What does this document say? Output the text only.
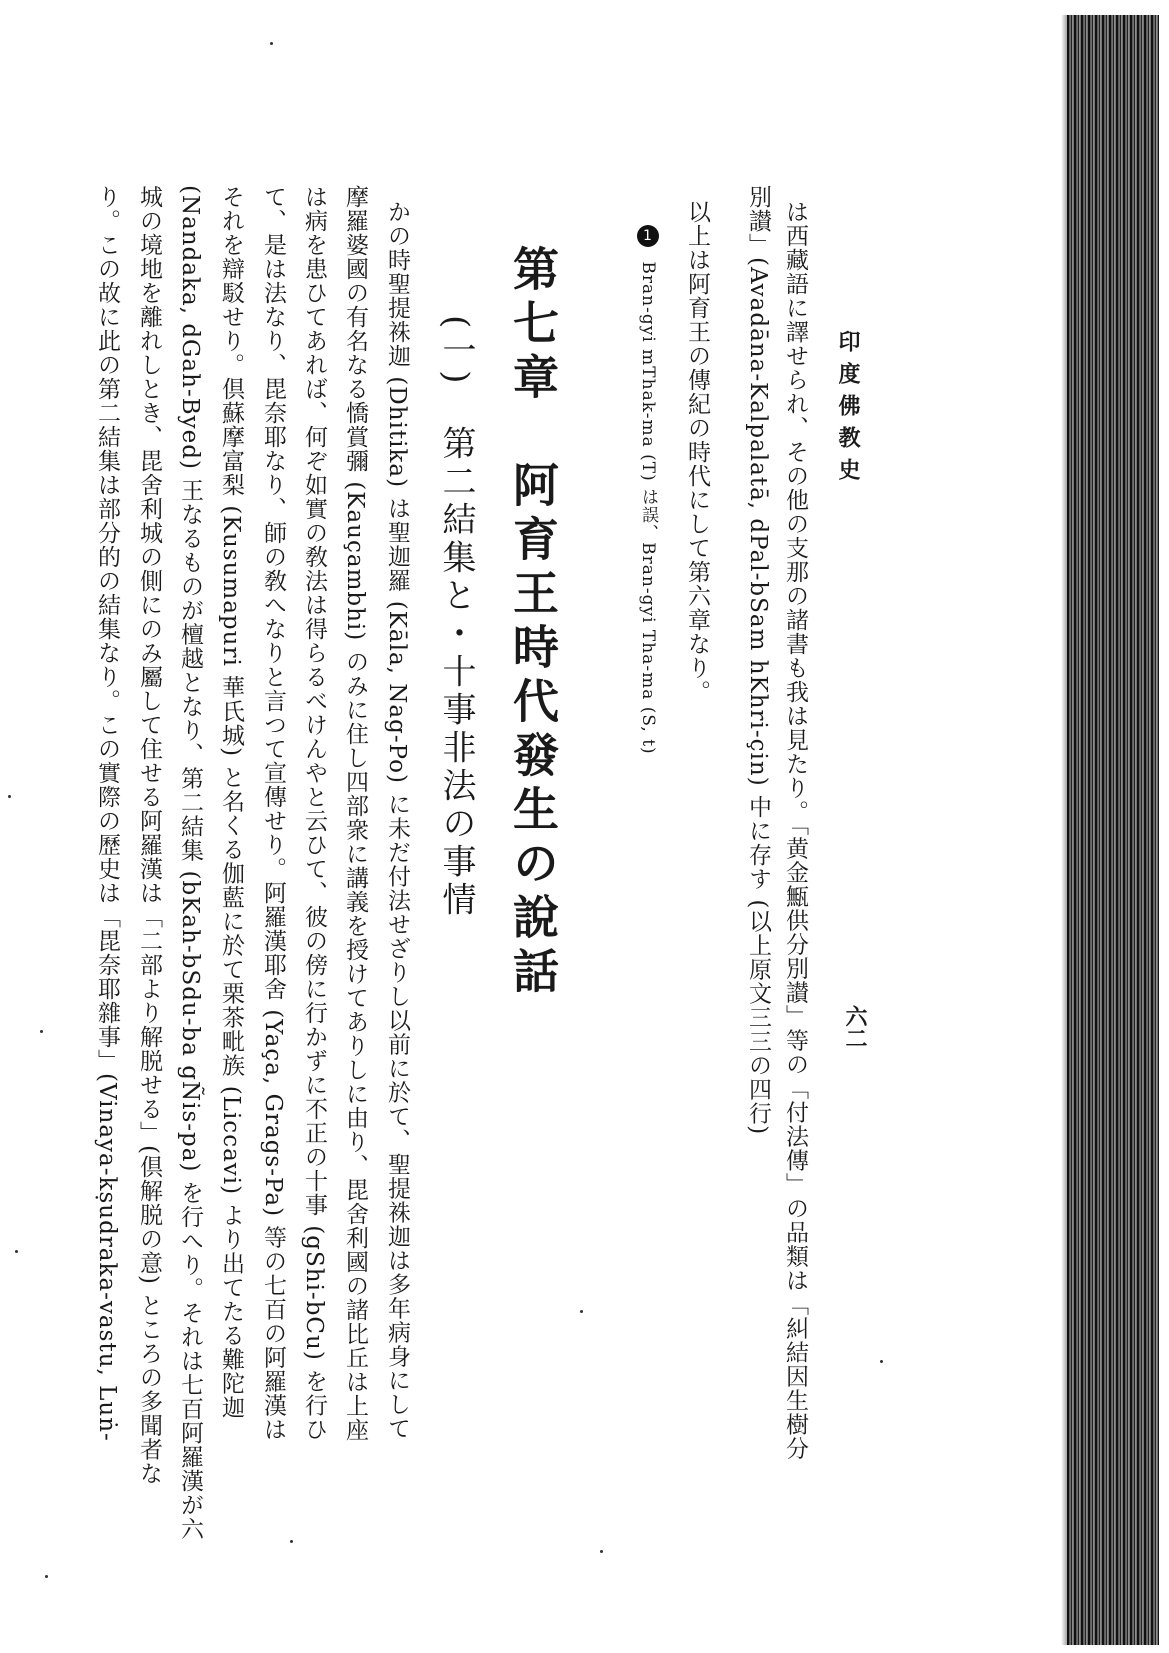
印度佛教史
六二
は西藏語に譯せられ、その他の支那の諸書も我は見たり。「黄金甒供分別讃」等の「付法傳」の品類は「糾結因生樹分
別讃」(Avadāna-Kalpalatā, dPal-bSam hKhri-çin) 中に存す (以上原文三三の四行)
以上は阿育王の傳紀の時代にして第六章なり。
1 Bran-gyi mThak-ma (T) は誤、Bran-gyi Tha-ma (S, t)
第七章　阿育王時代發生の說話
(一)　第二結集と・十事非法の事情
かの時聖提袾迦 (Dhitika) は聖迦羅 (Kāla, Nag-Po) に未だ付法せざりし以前に於て、聖提袾迦は多年病身にして
摩羅婆國の有名なる憍賞彌 (Kauçambhi) のみに住し四部衆に講義を授けてありしに由り、毘舍利國の諸比丘は上座
は病を患ひてあれば、何ぞ如實の敎法は得らるべけんやと云ひて、彼の傍に行かずに不正の十事 (gShi-bCu) を行ひ
て、是は法なり、毘奈耶なり、師の敎へなりと言つて宣傳せり。阿羅漢耶舍 (Yaça, Grags-Pa) 等の七百の阿羅漢は
それを辯駁せり。倶蘇摩富梨 (Kusumapuri 華氏城) と名くる伽藍に於て栗茶毗族 (Liccavi) より出てたる難陀迦
(Nandaka, dGah-Byed) 王なるものが檀越となり、第二結集 (bKah-bSdu-ba gÑis-pa) を行へり。それは七百阿羅漢が六
城の境地を離れしとき、毘舍利城の側にのみ屬して住せる阿羅漢は「二部より解脱せる」(倶解脱の意) ところの多聞者な
り。この故に此の第二結集は部分的の結集なり。この實際の歷史は「毘奈耶雜事」(Vinaya-kṣudraka-vastu, Luṅ-
